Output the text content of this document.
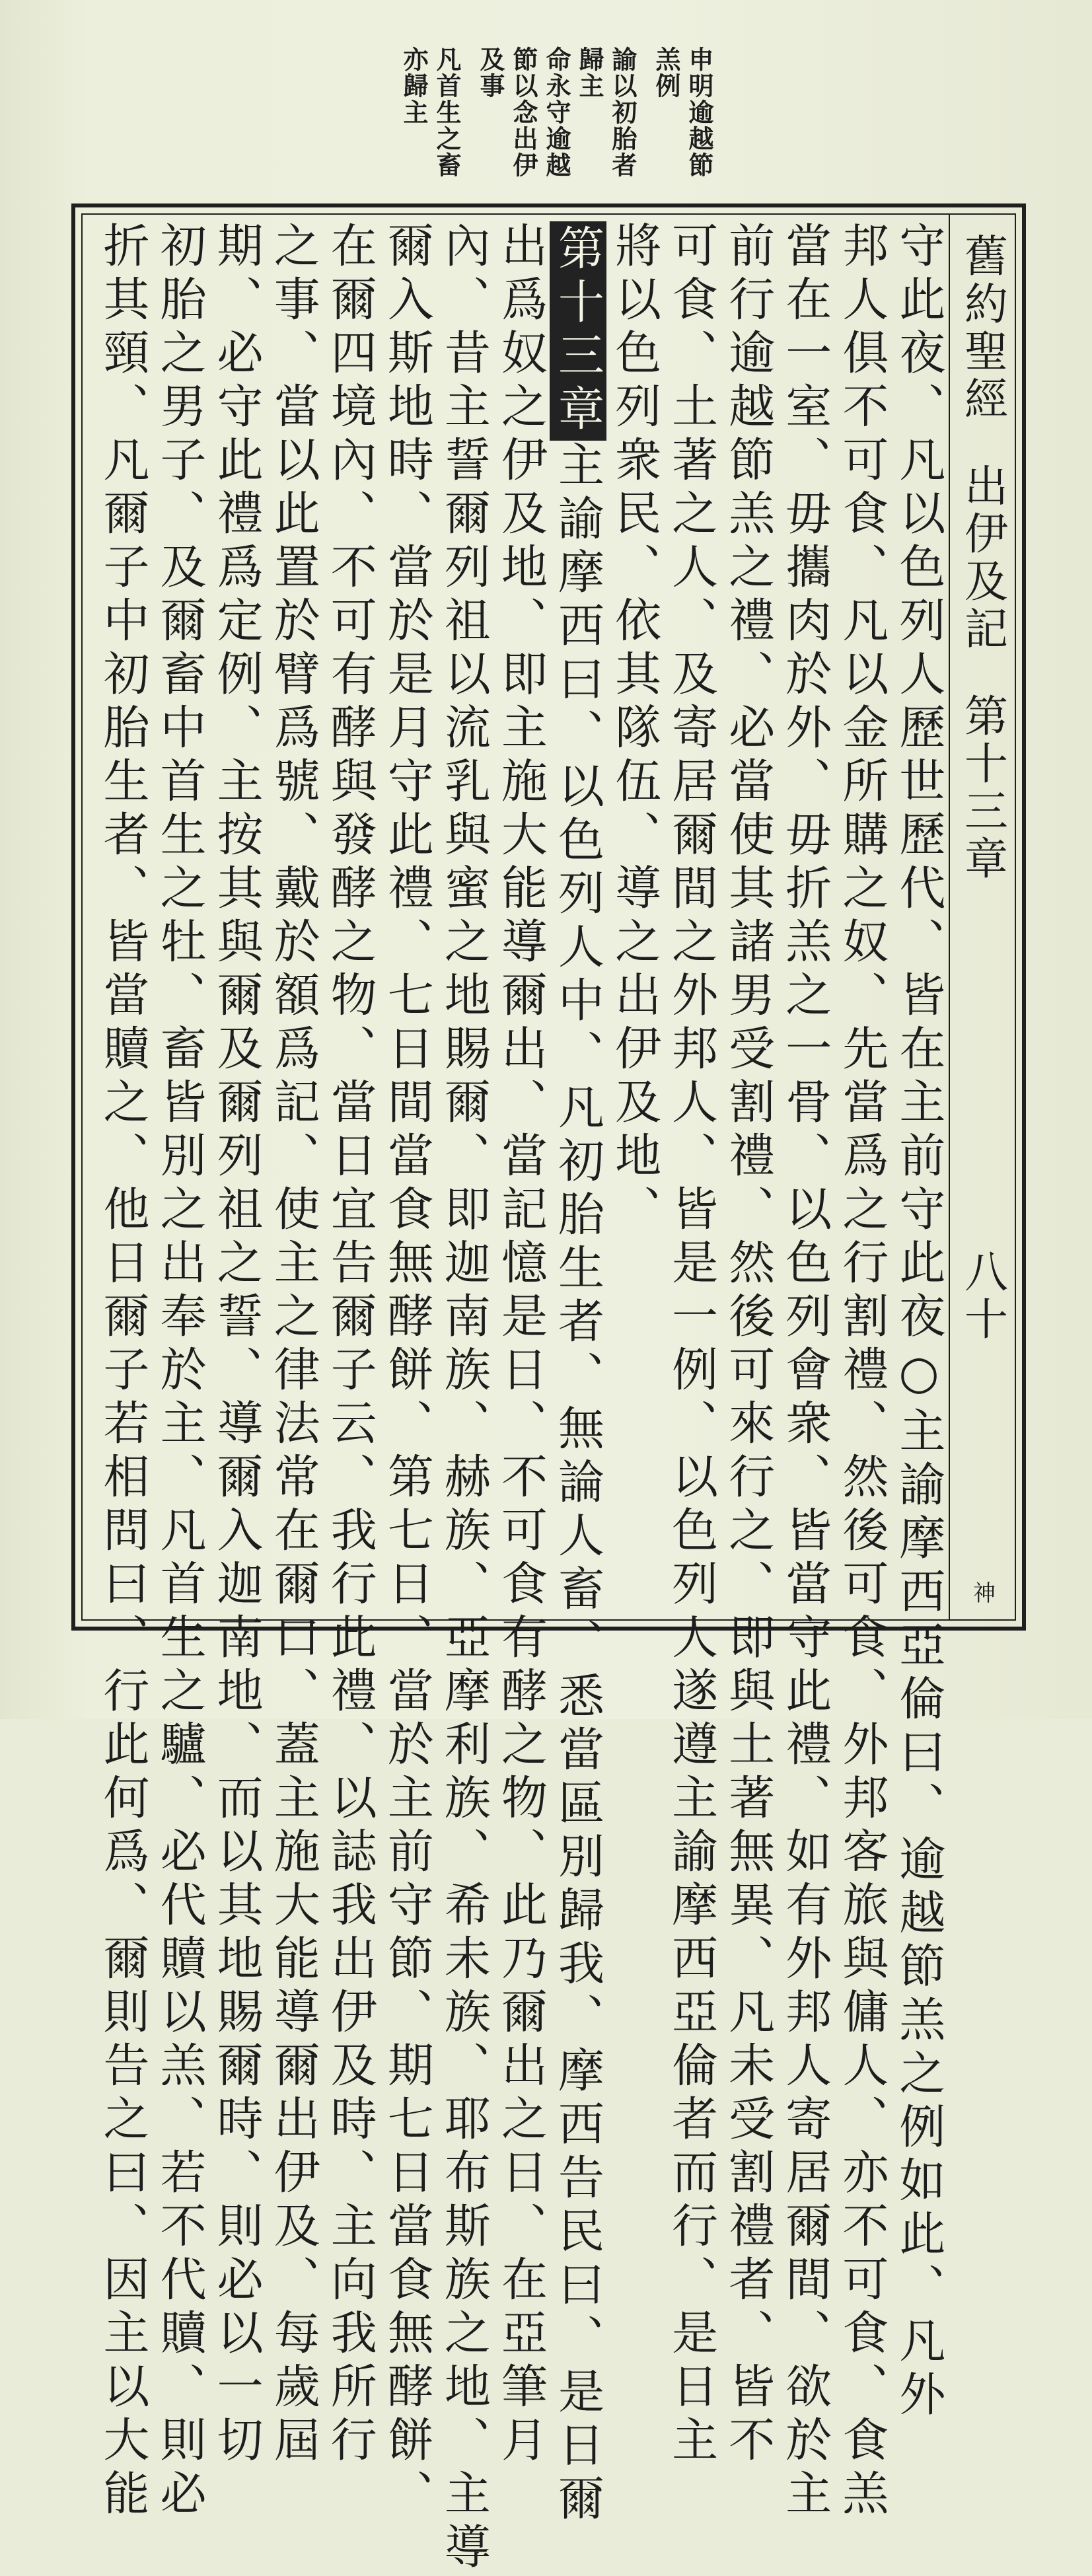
申明逾越節
羔例
諭以初胎者
歸主
命永守逾越
節以念出伊
及事
凡首生之畜
亦歸主
舊約聖經出伊及記第十三章
八十
神
守此夜、凡以色列人歷世歷代、皆在主前守此夜○主諭摩西亞倫曰、逾越節羔之例如此、凡外
邦人俱不可食、凡以金所購之奴、先當爲之行割禮、然後可食、外邦客旅與傭人、亦不可食、食羔
當在一室、毋攜肉於外、毋折羔之一骨、以色列會衆、皆當守此禮、如有外邦人寄居爾間、欲於主
前行逾越節羔之禮、必當使其諸男受割禮、然後可來行之、即與土著無異、凡未受割禮者、皆不
可食、土著之人、及寄居爾間之外邦人、皆是一例、以色列人遂遵主諭摩西亞倫者而行、是日主
將以色列衆民、依其隊伍、導之出伊及地、
第十三章主諭摩西曰、以色列人中、凡初胎生者、無論人畜、悉當區別歸我、摩西告民曰、是日爾
出爲奴之伊及地、即主施大能導爾出、當記憶是日、不可食有酵之物、此乃爾出之日、在亞筆月
內、昔主誓爾列祖以流乳與蜜之地賜爾、即迦南族、赫族、亞摩利族、希未族、耶布斯族之地、主導
爾入斯地時、當於是月守此禮、七日間當食無酵餅、第七日、當於主前守節、期七日當食無酵餅、
在爾四境內、不可有酵與發酵之物、當日宜告爾子云、我行此禮、以誌我出伊及時、主向我所行
之事、當以此置於臂爲號、戴於額爲記、使主之律法常在爾口、蓋主施大能導爾出伊及、每歲屆
期、必守此禮爲定例、主按其與爾及爾列祖之誓、導爾入迦南地、而以其地賜爾時、則必以一切
初胎之男子、及爾畜中首生之牡、畜皆別之出奉於主、凡首生之驢、必代贖以羔、若不代贖、則必
折其頸、凡爾子中初胎生者、皆當贖之、他日爾子若相問曰、行此何爲、爾則告之曰、因主以大能
